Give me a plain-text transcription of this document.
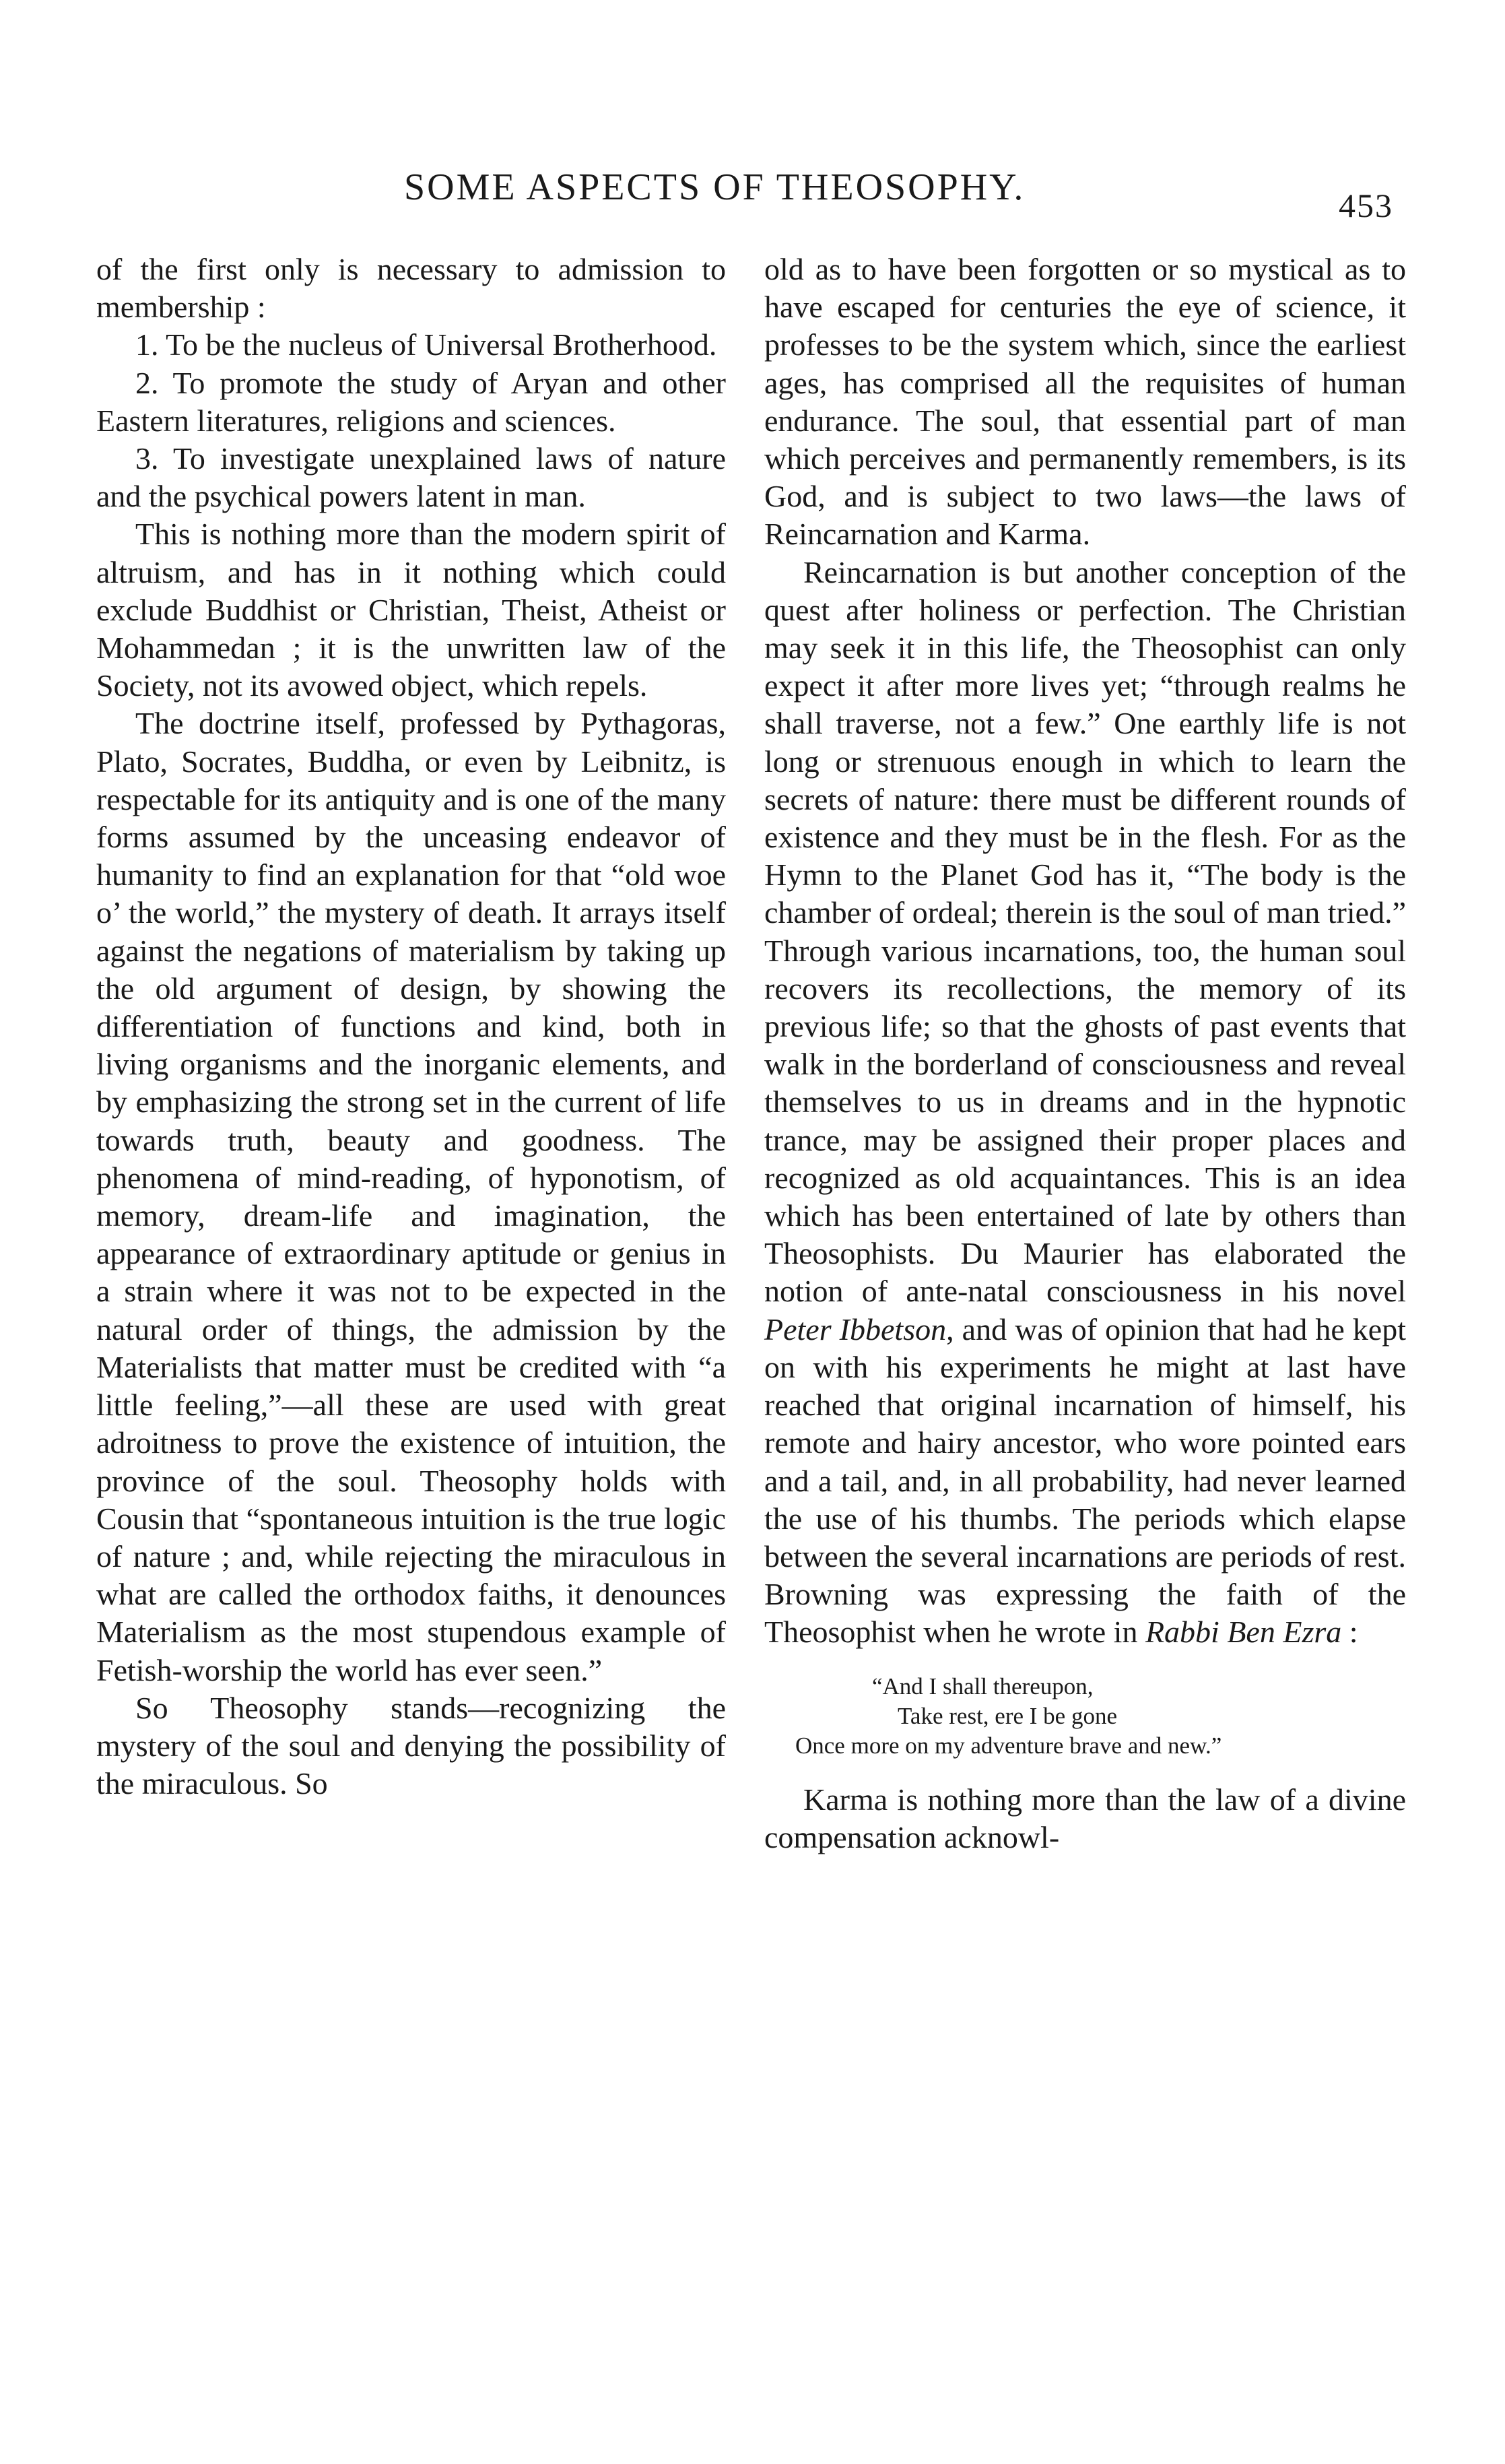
SOME ASPECTS OF THEOSOPHY.	453

of the first only is necessary to admission to membership :

1. To be the nucleus of Universal Brotherhood.

2. To promote the study of Aryan and other Eastern literatures, religions and sciences.

3. To investigate unexplained laws of nature and the psychical powers latent in man.

This is nothing more than the modern spirit of altruism, and has in it nothing which could exclude Buddhist or Christian, Theist, Atheist or Mohammedan ; it is the unwritten law of the Society, not its avowed object, which repels.

The doctrine itself, professed by Pythagoras, Plato, Socrates, Buddha, or even by Leibnitz, is respectable for its antiquity and is one of the many forms assumed by the unceasing endeavor of humanity to find an explanation for that “old woe o’ the world,” the mystery of death. It arrays itself against the negations of materialism by taking up the old argument of design, by showing the differentiation of functions and kind, both in living organisms and the inorganic elements, and by emphasizing the strong set in the current of life towards truth, beauty and goodness. The phenomena of mind-reading, of hyponotism, of memory, dream-life and imagination, the appearance of extraordinary aptitude or genius in a strain where it was not to be expected in the natural order of things, the admission by the Materialists that matter must be credited with “a little feeling,”—all these are used with great adroitness to prove the existence of intuition, the province of the soul. Theosophy holds with Cousin that “spontaneous intuition is the true logic of nature ; and, while rejecting the miraculous in what are called the orthodox faiths, it denounces Materialism as the most stupendous example of Fetish-worship the world has ever seen.”

So Theosophy stands—recognizing the mystery of the soul and denying the possibility of the miraculous. So

old as to have been forgotten or so mystical as to have escaped for centuries the eye of science, it professes to be the system which, since the earliest ages, has comprised all the requisites of human endurance. The soul, that essential part of man which perceives and permanently remembers, is its God, and is subject to two laws—the laws of Reincarnation and Karma.

Reincarnation is but another conception of the quest after holiness or perfection. The Christian may seek it in this life, the Theosophist can only expect it after more lives yet; “through realms he shall traverse, not a few.” One earthly life is not long or strenuous enough in which to learn the secrets of nature: there must be different rounds of existence and they must be in the flesh. For as the Hymn to the Planet God has it, “The body is the chamber of ordeal; therein is the soul of man tried.” Through various incarnations, too, the human soul recovers its recollections, the memory of its previous life; so that the ghosts of past events that walk in the borderland of consciousness and reveal themselves to us in dreams and in the hypnotic trance, may be assigned their proper places and recognized as old acquaintances. This is an idea which has been entertained of late by others than Theosophists. Du Maurier has elaborated the notion of ante-natal consciousness in his novel Peter Ibbetson, and was of opinion that had he kept on with his experiments he might at last have reached that original incarnation of himself, his remote and hairy ancestor, who wore pointed ears and a tail, and, in all probability, had never learned the use of his thumbs. The periods which elapse between the several incarnations are periods of rest. Browning was expressing the faith of the Theosophist when he wrote in Rabbi Ben Ezra :

“And I shall thereupon,
Take rest, ere I be gone
Once more on my adventure brave and new.”

Karma is nothing more than the law of a divine compensation acknowl-
